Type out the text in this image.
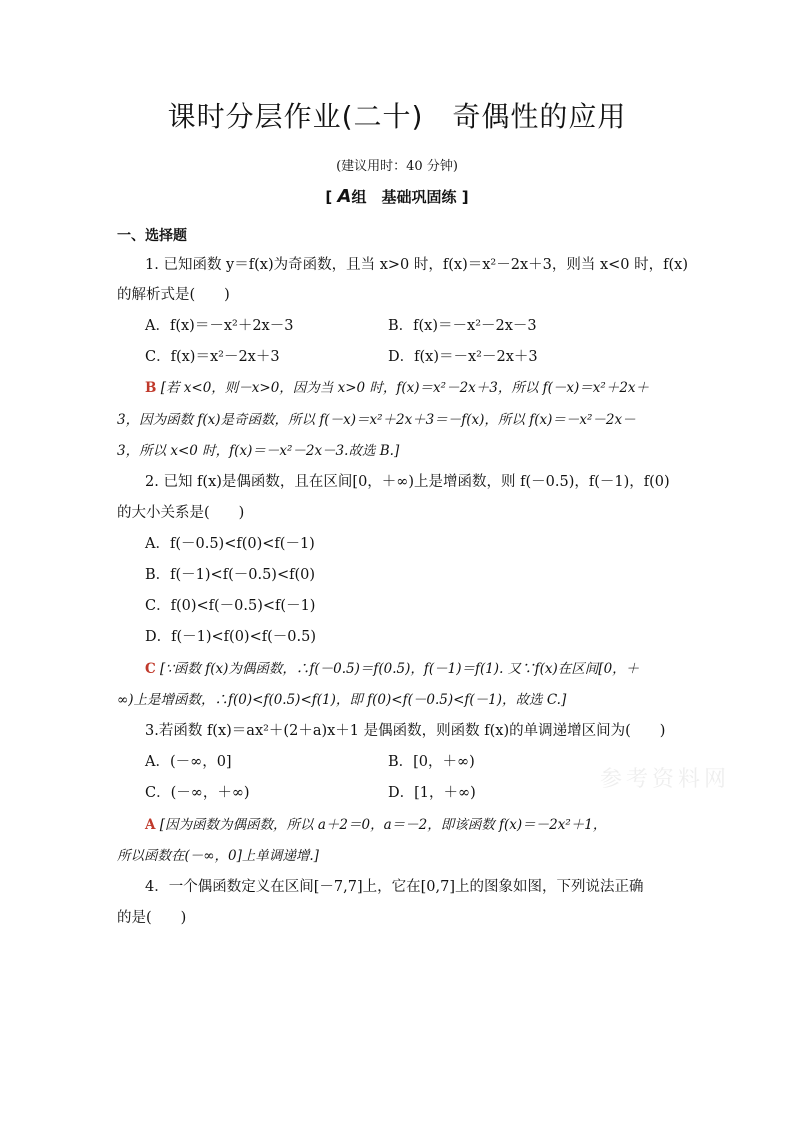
课时分层作业(二十)　奇偶性的应用
(建议用时：40 分钟)
[ A组　基础巩固练 ]
一、选择题
1. 已知函数 y＝f(x)为奇函数，且当 x>0 时，f(x)＝x²－2x＋3，则当 x<0 时，f(x)
的解析式是(　　)
A．f(x)＝－x²＋2x－3	B．f(x)＝－x²－2x－3
C．f(x)＝x²－2x＋3	D．f(x)＝－x²－2x＋3
B [若 x<0，则－x>0，因为当 x>0 时，f(x)＝x²－2x＋3，所以 f(－x)＝x²＋2x＋
3，因为函数 f(x)是奇函数，所以 f(－x)＝x²＋2x＋3＝－f(x)，所以 f(x)＝－x²－2x－
3，所以 x<0 时，f(x)＝－x²－2x－3.故选 B.]
2. 已知 f(x)是偶函数，且在区间[0，＋∞)上是增函数，则 f(－0.5)，f(－1)，f(0)
的大小关系是(　　)
A．f(－0.5)<f(0)<f(－1)
B．f(－1)<f(－0.5)<f(0)
C．f(0)<f(－0.5)<f(－1)
D．f(－1)<f(0)<f(－0.5)
C [∵函数 f(x)为偶函数，∴f(－0.5)＝f(0.5)，f(－1)＝f(1). 又∵f(x)在区间[0，＋
∞)上是增函数，∴f(0)<f(0.5)<f(1)，即 f(0)<f(－0.5)<f(－1)，故选 C.]
3.若函数 f(x)＝ax²＋(2＋a)x＋1 是偶函数，则函数 f(x)的单调递增区间为(　　)
A．(－∞，0]	B．[0，＋∞)
C．(－∞，＋∞)	D．[1，＋∞)
A [因为函数为偶函数，所以 a＋2＝0，a＝－2，即该函数 f(x)＝－2x²＋1，
所以函数在(－∞，0]上单调递增.]
4．一个偶函数定义在区间[－7,7]上，它在[0,7]上的图象如图，下列说法正确
的是(　　)
参考资料网
